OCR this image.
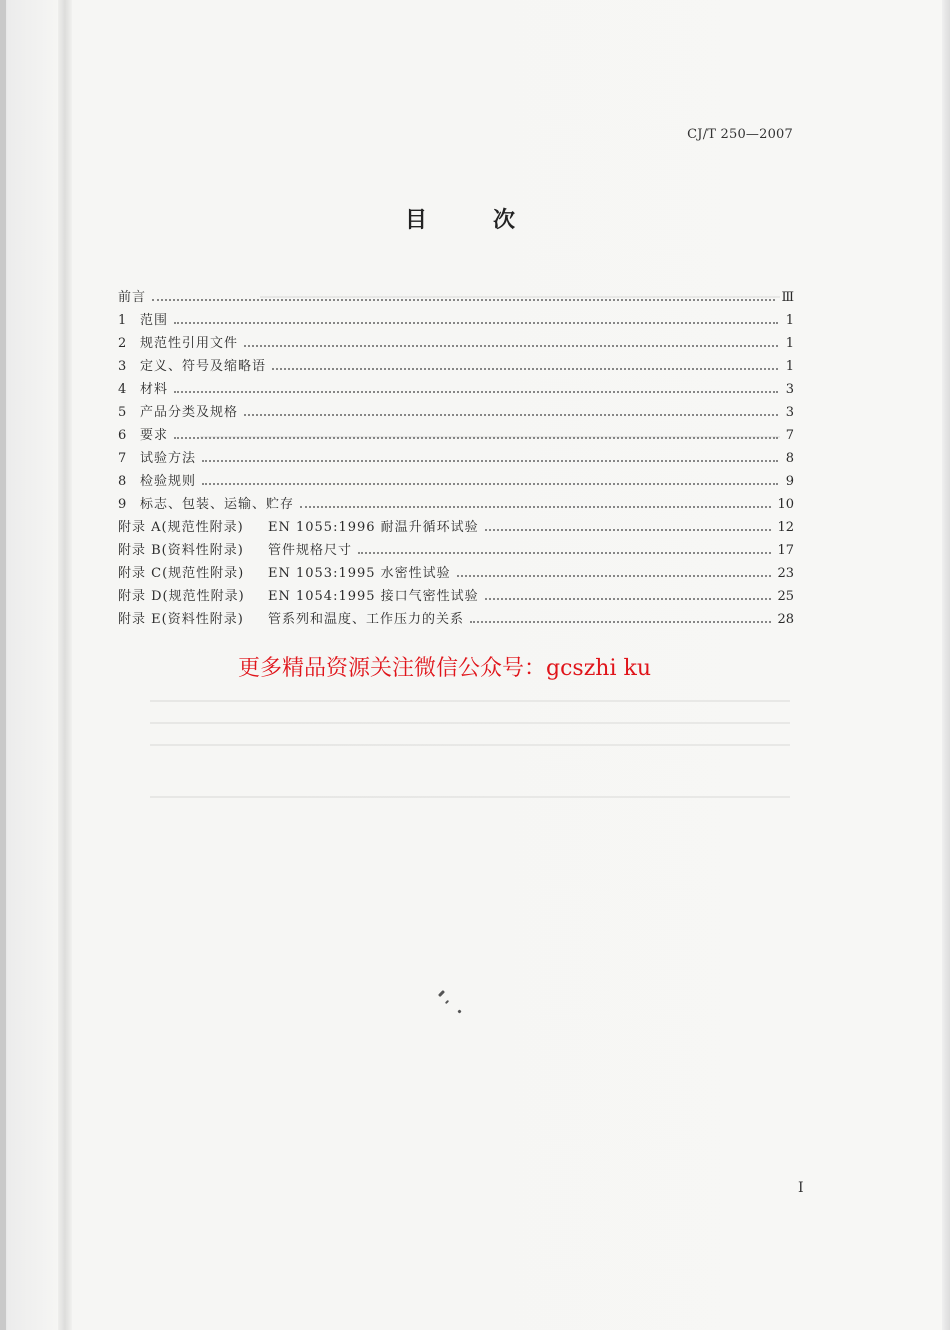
CJ/T 250—2007
目	次
前言	Ⅲ
1	范围	1
2	规范性引用文件	1
3	定义、符号及缩略语	1
4	材料	3
5	产品分类及规格	3
6	要求	7
7	试验方法	8
8	检验规则	9
9	标志、包装、运输、贮存	10
附录 A(规范性附录)	EN 1055:1996 耐温升循环试验	12
附录 B(资料性附录)	管件规格尺寸	17
附录 C(规范性附录)	EN 1053:1995 水密性试验	23
附录 D(规范性附录)	EN 1054:1995 接口气密性试验	25
附录 E(资料性附录)	管系列和温度、工作压力的关系	28
更多精品资源关注微信公众号：gcszhi ku
I
